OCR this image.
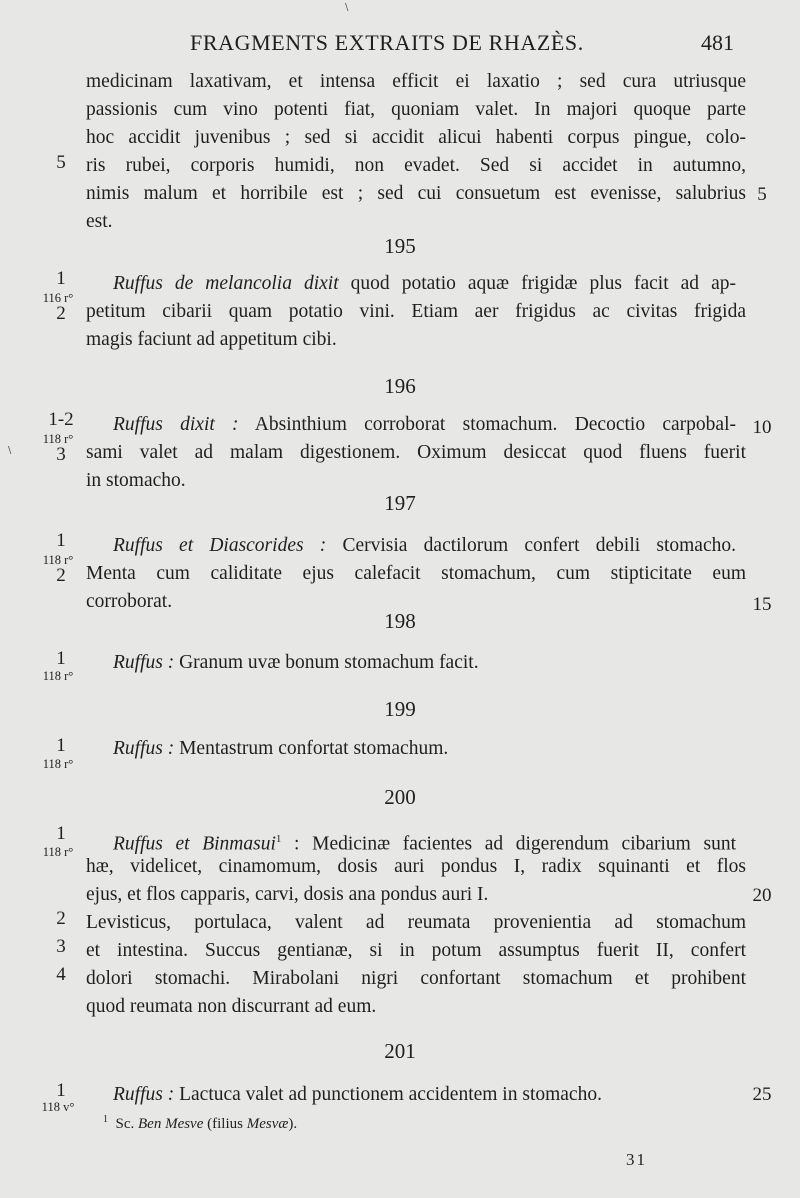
\
\
FRAGMENTS EXTRAITS DE RHAZÈS.	481
medicinam laxativam, et intensa efficit ei laxatio ; sed cura utriusque
passionis cum vino potenti fiat, quoniam valet. In majori quoque parte
hoc accidit juvenibus ; sed si accidit alicui habenti corpus pingue, colo-
ris rubei, corporis humidi, non evadet. Sed si accidet in autumno,
nimis malum et horribile est ; sed cui consuetum est evenisse, salubrius
est.
5
5
195
1
116 r°
2
Ruffus de melancolia dixit quod potatio aquæ frigidæ plus facit ad ap-
petitum cibarii quam potatio vini. Etiam aer frigidus ac civitas frigida
magis faciunt ad appetitum cibi.
196
1-2
118 r°
3
Ruffus dixit : Absinthium corroborat stomachum. Decoctio carpobal-
sami valet ad malam digestionem. Oximum desiccat quod fluens fuerit
in stomacho.
10
197
1
118 r°
2
Ruffus et Diascorides : Cervisia dactilorum confert debili stomacho.
Menta cum caliditate ejus calefacit stomachum, cum stipticitate eum
corroborat.	15
198
1
118 r°
Ruffus : Granum uvæ bonum stomachum facit.
199
1
118 r°
Ruffus : Mentastrum confortat stomachum.
200
1
118 r°
2
3
4
Ruffus et Binmasui$^1$ : Medicinæ facientes ad digerendum cibarium sunt
hæ, videlicet, cinamomum, dosis auri pondus I, radix squinanti et flos
ejus, et flos capparis, carvi, dosis ana pondus auri I.	20
Levisticus, portulaca, valent ad reumata provenientia ad stomachum
et intestina. Succus gentianæ, si in potum assumptus fuerit II, confert
dolori stomachi. Mirabolani nigri confortant stomachum et prohibent
quod reumata non discurrant ad eum.
201
1
118 v°
Ruffus : Lactuca valet ad punctionem accidentem in stomacho.	25
$^1$ Sc. Ben Mesve (filius Mesvæ).
31
